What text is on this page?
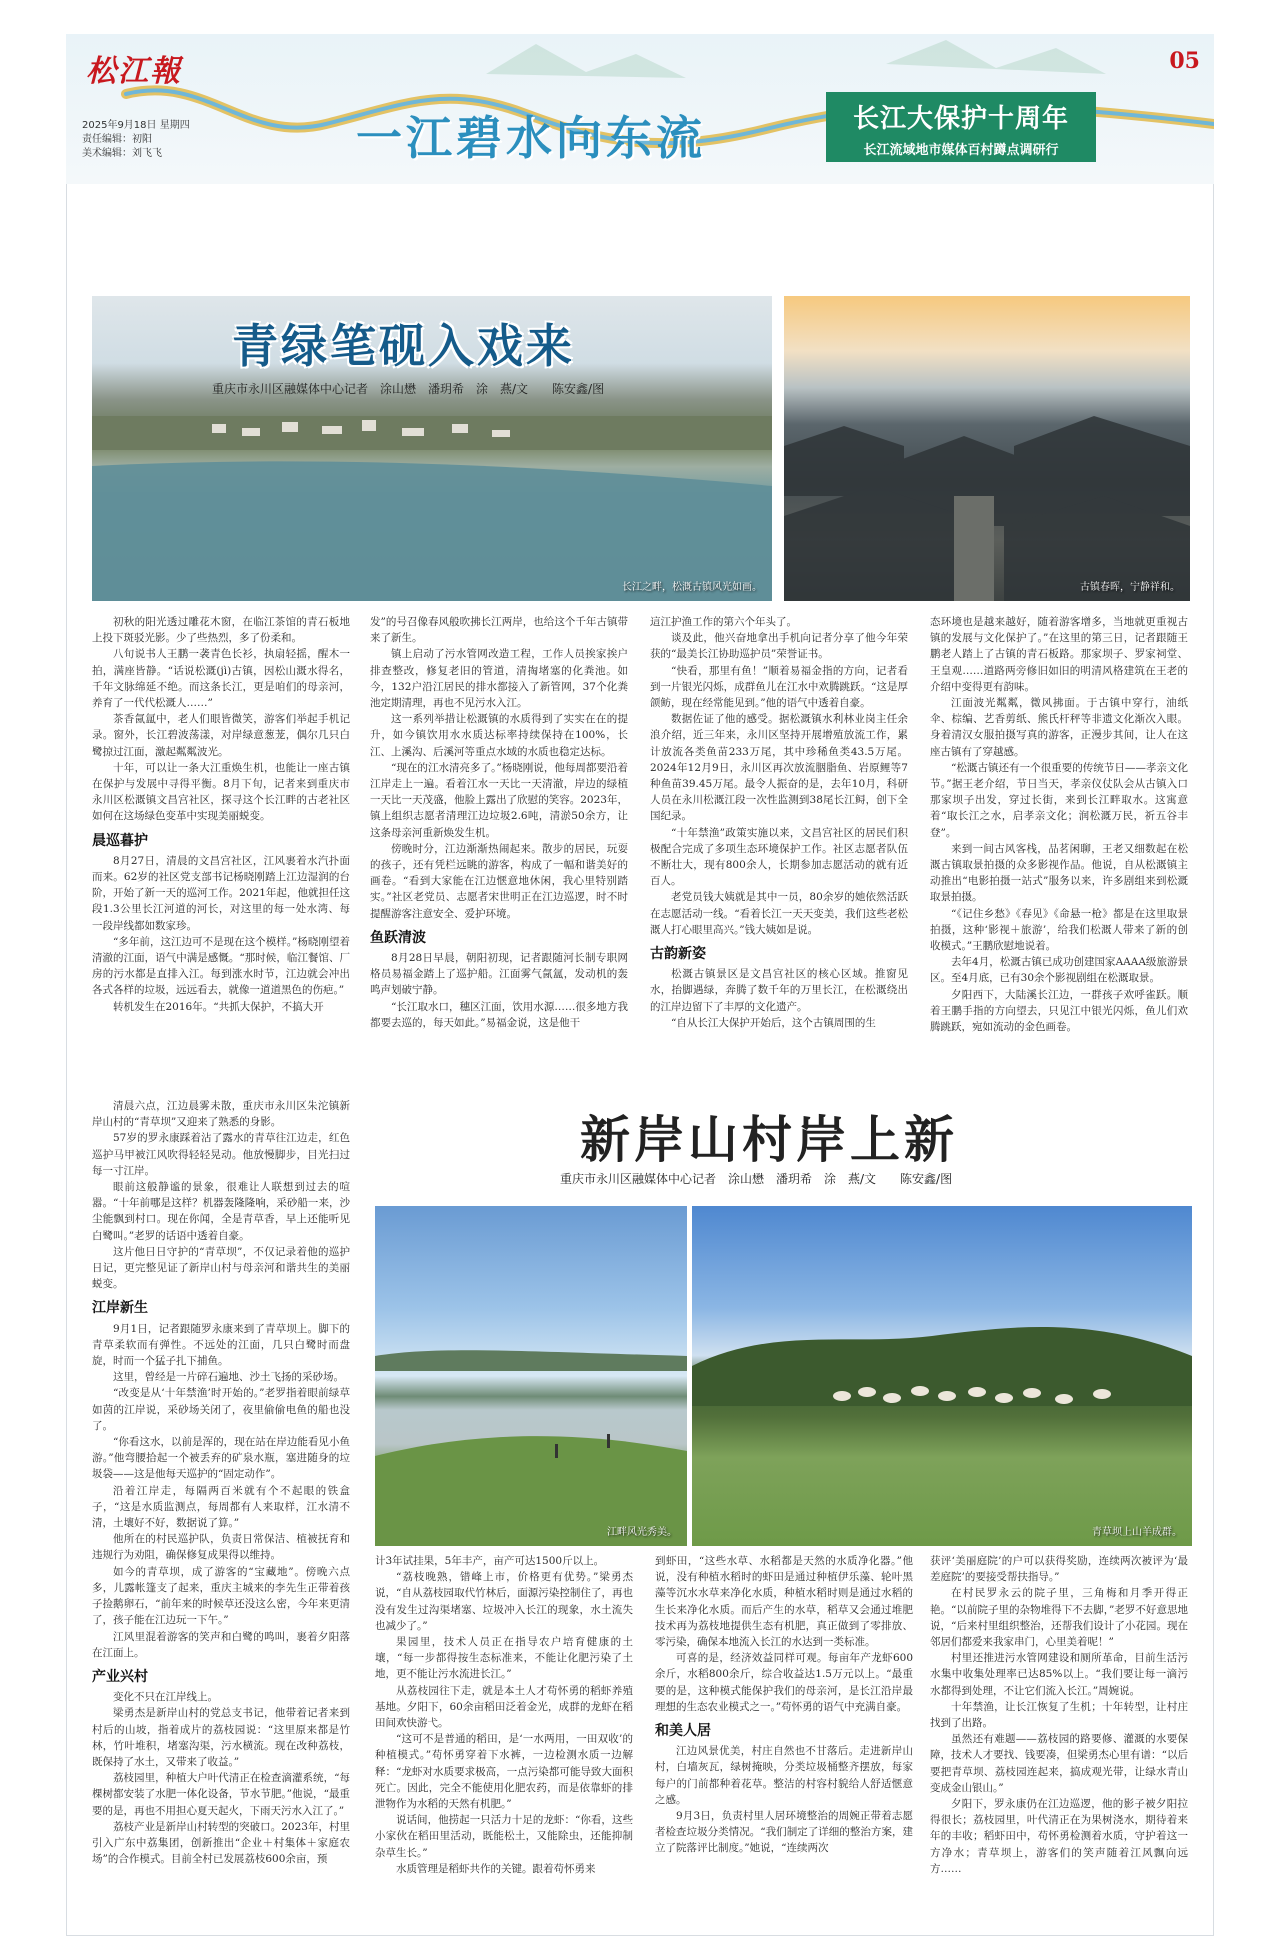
松江報	05
2025年9月18日 星期四
责任编辑：初阳
美术编辑：刘飞飞	一江碧水向东流	长江大保护十周年
长江流域地市媒体百村蹲点调研行
长江之畔，松溉古镇风光如画。
青绿笔砚入戏来
重庆市永川区融媒体中心记者　涂山懋　潘玥希　涂　燕/文　　陈安鑫/图
古镇春晖，宁静祥和。

初秋的阳光透过雕花木窗，在临江茶馆的青石板地上投下斑驳光影。少了些热烈，多了份柔和。

八旬说书人王鹏一袭青色长衫，执扇轻摇，醒木一拍，满座皆静。“话说松溉(jì)古镇，因松山溉水得名，千年文脉绵延不绝。而这条长江，更是咱们的母亲河，养育了一代代松溉人……”

茶香氤氲中，老人们眼皆微笑，游客们举起手机记录。窗外，长江碧波荡漾，对岸绿意葱茏，偶尔几只白鹭掠过江面，激起粼粼波光。

十年，可以让一条大江重焕生机，也能让一座古镇在保护与发展中寻得平衡。8月下旬，记者来到重庆市永川区松溉镇文昌宫社区，探寻这个长江畔的古老社区如何在这场绿色变革中实现美丽蜕变。

晨巡暮护

8月27日，清晨的文昌宫社区，江风裹着水汽扑面而来。62岁的社区党支部书记杨晓刚踏上江边湿润的台阶，开始了新一天的巡河工作。2021年起，他就担任这段1.3公里长江河道的河长，对这里的每一处水湾、每一段岸线都如数家珍。

“多年前，这江边可不是现在这个模样。”杨晓刚望着清澈的江面，语气中满是感慨。“那时候，临江餐馆、厂房的污水都是直排入江。每到涨水时节，江边就会冲出各式各样的垃圾，远远看去，就像一道道黑色的伤疤。”

转机发生在2016年。“共抓大保护，不搞大开

发”的号召像春风般吹拂长江两岸，也给这个千年古镇带来了新生。

镇上启动了污水管网改造工程，工作人员挨家挨户排查整改，修复老旧的管道，清掏堵塞的化粪池。如今，132户沿江居民的排水都接入了新管网，37个化粪池定期清理，再也不见污水入江。

这一系列举措让松溉镇的水质得到了实实在在的提升，如今镇饮用水水质达标率持续保持在100%，长江、上溪沟、后溪河等重点水域的水质也稳定达标。

“现在的江水清亮多了。”杨晓刚说，他每周都要沿着江岸走上一遍。看着江水一天比一天清澈，岸边的绿植一天比一天茂盛，他脸上露出了欣慰的笑容。2023年，镇上组织志愿者清理江边垃圾2.6吨，清淤50余方，让这条母亲河重新焕发生机。

傍晚时分，江边渐渐热闹起来。散步的居民，玩耍的孩子，还有凭栏远眺的游客，构成了一幅和谐美好的画卷。“看到大家能在江边惬意地休闲，我心里特别踏实。”社区老党员、志愿者宋世明正在江边巡逻，时不时提醒游客注意安全、爱护环境。

鱼跃清波

8月28日早晨，朝阳初现，记者跟随河长制专职网格员易福金踏上了巡护船。江面雾气氤氲，发动机的轰鸣声划破宁静。

“长江取水口，穗区江面，饮用水源……很多地方我都要去巡的，每天如此。”易福金说，这是他干

這江护渔工作的第六个年头了。

谈及此，他兴奋地拿出手机向记者分享了他今年荣获的“最美长江协助巡护员”荣誉证书。

“快看，那里有鱼！”顺着易福金指的方向，记者看到一片银光闪烁，成群鱼儿在江水中欢腾跳跃。“这是厚颌鲂，现在经常能见到。”他的语气中透着自豪。

数据佐证了他的感受。据松溉镇水利林业岗主任余浪介绍，近三年来，永川区坚持开展增殖放流工作，累计放流各类鱼苗233万尾，其中珍稀鱼类43.5万尾。2024年12月9日，永川区再次放流胭脂鱼、岩原鲤等7种鱼苗39.45万尾。最令人振奋的是，去年10月，科研人员在永川松溉江段一次性监测到38尾长江鲟，创下全国纪录。

“十年禁渔”政策实施以来，文昌宫社区的居民们积极配合完成了多项生态环境保护工作。社区志愿者队伍不断壮大，现有800余人，长期参加志愿活动的就有近百人。

老党员钱大姨就是其中一员，80余岁的她依然活跃在志愿活动一线。“看着长江一天天变美，我们这些老松溉人打心眼里高兴。”钱大姨如是说。

古韵新姿

松溉古镇景区是文昌宫社区的核心区域。推窗见水，抬脚遇绿，奔腾了数千年的万里长江，在松溉绕出的江岸边留下了丰厚的文化遗产。

“自从长江大保护开始后，这个古镇周围的生

态环境也是越来越好，随着游客增多，当地就更重视古镇的发展与文化保护了。”在这里的第三日，记者跟随王鹏老人踏上了古镇的青石板路。那家坝子、罗家祠堂、王皇观……道路两旁修旧如旧的明清风格建筑在王老的介绍中变得更有韵味。

江面波光粼粼，微风拂面。于古镇中穿行，油纸伞、棕编、艺香剪纸、熊氏杆秤等非遗文化渐次入眼。身着清汉女服拍摄写真的游客，正漫步其间，让人在这座古镇有了穿越感。

“松溉古镇还有一个很重要的传统节日——孝亲文化节。”据王老介绍，节日当天，孝亲仪仗队会从古镇入口那家坝子出发，穿过长街，来到长江畔取水。这寓意着“取长江之水，启孝亲文化；润松溉万民，祈五谷丰登”。

来到一间古风客栈，品茗闲聊，王老又细数起在松溉古镇取景拍摄的众多影视作品。他说，自从松溉镇主动推出“电影拍摄一站式”服务以来，许多剧组来到松溉取景拍摄。

“《记住乡愁》《春见》《命悬一枪》都是在这里取景拍摄，这种‘影视＋旅游’，给我们松溉人带来了新的创收模式。”王鹏欣慰地说着。

去年4月，松溉古镇已成功创建国家AAAA级旅游景区。至4月底，已有30余个影视剧组在松溉取景。

夕阳西下，大陆溪长江边，一群孩子欢呼雀跃。顺着王鹏手指的方向望去，只见江中银光闪烁，鱼儿们欢腾跳跃，宛如流动的金色画卷。

新岸山村岸上新
重庆市永川区融媒体中心记者　涂山懋　潘玥希　涂　燕/文　　陈安鑫/图
江畔风光秀美。	青草坝上山羊成群。

清晨六点，江边晨雾未散，重庆市永川区朱沱镇新岸山村的“青草坝”又迎来了熟悉的身影。

57岁的罗永康踩着沾了露水的青草往江边走，红色巡护马甲被江风吹得轻轻晃动。他放慢脚步，目光扫过每一寸江岸。

眼前这般静谧的景象，很难让人联想到过去的喧嚣。“十年前哪是这样？机器轰隆隆响，采砂船一来，沙尘能飘到村口。现在你闻，全是青草香，早上还能听见白鹭叫。”老罗的话语中透着自豪。

这片他日日守护的“青草坝”，不仅记录着他的巡护日记，更完整见证了新岸山村与母亲河和谐共生的美丽蜕变。

江岸新生

9月1日，记者跟随罗永康来到了青草坝上。脚下的青草柔软而有弹性。不远处的江面，几只白鹭时而盘旋，时而一个猛子扎下捕鱼。

这里，曾经是一片碎石遍地、沙土飞扬的采砂场。

“改变是从‘十年禁渔’时开始的。”老罗指着眼前绿草如茵的江岸说，采砂场关闭了，夜里偷偷电鱼的船也没了。

“你看这水，以前是浑的，现在站在岸边能看见小鱼游。”他弯腰拾起一个被丢弃的矿泉水瓶，塞进随身的垃圾袋——这是他每天巡护的“固定动作”。

沿着江岸走，每隔两百米就有个不起眼的铁盒子，“这是水质监测点，每周都有人来取样，江水清不清，土壤好不好，数据说了算。”

他所在的村民巡护队，负责日常保洁、植被抚育和违规行为劝阻，确保修复成果得以维持。

如今的青草坝，成了游客的“宝藏地”。傍晚六点多，儿露帐篷支了起来，重庆主城来的李先生正带着孩子捡鹅卵石，“前年来的时候草还没这么密，今年来更清了，孩子能在江边玩一下午。”

江风里混着游客的笑声和白鹭的鸣叫，裹着夕阳落在江面上。

产业兴村

变化不只在江岸线上。

梁勇杰是新岸山村的党总支书记，他带着记者来到村后的山坡，指着成片的荔枝园说：“这里原来都是竹林，竹叶堆积，堵塞沟渠，污水横流。现在改种荔枝，既保持了水土，又带来了收益。”

荔枝园里，种植大户叶代清正在检查滴灌系统，“每棵树都安装了水肥一体化设备，节水节肥。”他说，“最重要的是，再也不用担心夏天起火，下雨天污水入江了。”

荔枝产业是新岸山村转型的突破口。2023年，村里引入广东中荔集团，创新推出“企业＋村集体＋家庭农场”的合作模式。目前全村已发展荔枝600余亩，预

计3年试挂果，5年丰产，亩产可达1500斤以上。

“荔枝晚熟，错峰上市，价格更有优势。”梁勇杰说，“自从荔枝园取代竹林后，面源污染控制住了，再也没有发生过沟渠堵塞、垃圾冲入长江的现象，水土流失也减少了。”

果园里，技术人员正在指导农户培育健康的土壤，“每一步都得按生态标准来，不能让化肥污染了土地，更不能让污水流进长江。”

从荔枝园往下走，就是本土人才苟怀勇的稻虾养殖基地。夕阳下，60余亩稻田泛着金光，成群的龙虾在稻田间欢快游弋。

“这可不是普通的稻田，是‘一水两用，一田双收’的种植模式。”苟怀勇穿着下水裤，一边检测水质一边解释：“龙虾对水质要求极高，一点污染都可能导致大面积死亡。因此，完全不能使用化肥农药，而是依靠虾的排泄物作为水稻的天然有机肥。”

说话间，他捞起一只活力十足的龙虾：“你看，这些小家伙在稻田里活动，既能松土，又能除虫，还能抑制杂草生长。”

水质管理是稻虾共作的关键。跟着苟怀勇来

到虾田，“这些水草、水稻都是天然的水质净化器。”他说，没有种植水稻时的虾田是通过种植伊乐藻、轮叶黑藻等沉水水草来净化水质，种植水稻时则是通过水稻的生长来净化水质。而后产生的水草，稻草又会通过堆肥技术再为荔枝地提供生态有机肥，真正做到了零排放、零污染，确保本地流入长江的水达到一类标准。

可喜的是，经济效益同样可观。每亩年产龙虾600余斤，水稻800余斤，综合收益达1.5万元以上。“最重要的是，这种模式能保护我们的母亲河，是长江沿岸最理想的生态农业模式之一。”苟怀勇的语气中充满自豪。

和美人居

江边风景优美，村庄自然也不甘落后。走进新岸山村，白墙灰瓦，绿树掩映，分类垃圾桶整齐摆放，每家每户的门前都种着花草。整洁的村容村貌给人舒适惬意之感。

9月3日，负责村里人居环境整治的周婉正带着志愿者检查垃圾分类情况。“我们制定了详细的整治方案，建立了院落评比制度。”她说，“连续两次

获评‘美丽庭院’的户可以获得奖励，连续两次被评为‘最差庭院’的要接受帮扶指导。”

在村民罗永云的院子里，三角梅和月季开得正艳。“以前院子里的杂物堆得下不去脚，”老罗不好意思地说，“后来村里组织整治，还帮我们设计了小花园。现在邻居们都爱来我家串门，心里美着呢！”

村里还推进污水管网建设和厕所革命，目前生活污水集中收集处理率已达85%以上。“我们要让每一滴污水都得到处理，不让它们流入长江。”周婉说。

十年禁渔，让长江恢复了生机；十年转型，让村庄找到了出路。

虽然还有难题——荔枝园的路要修、灌溉的水要保障，技术人才要找、钱要凑，但梁勇杰心里有谱：“以后要把青草坝、荔枝园连起来，搞成观光带，让绿水青山变成金山银山。”

夕阳下，罗永康仍在江边巡逻，他的影子被夕阳拉得很长；荔枝园里，叶代清正在为果树浇水，期待着来年的丰收；稻虾田中，苟怀勇检测着水质，守护着这一方净水；青草坝上，游客们的笑声随着江风飘向远方……
